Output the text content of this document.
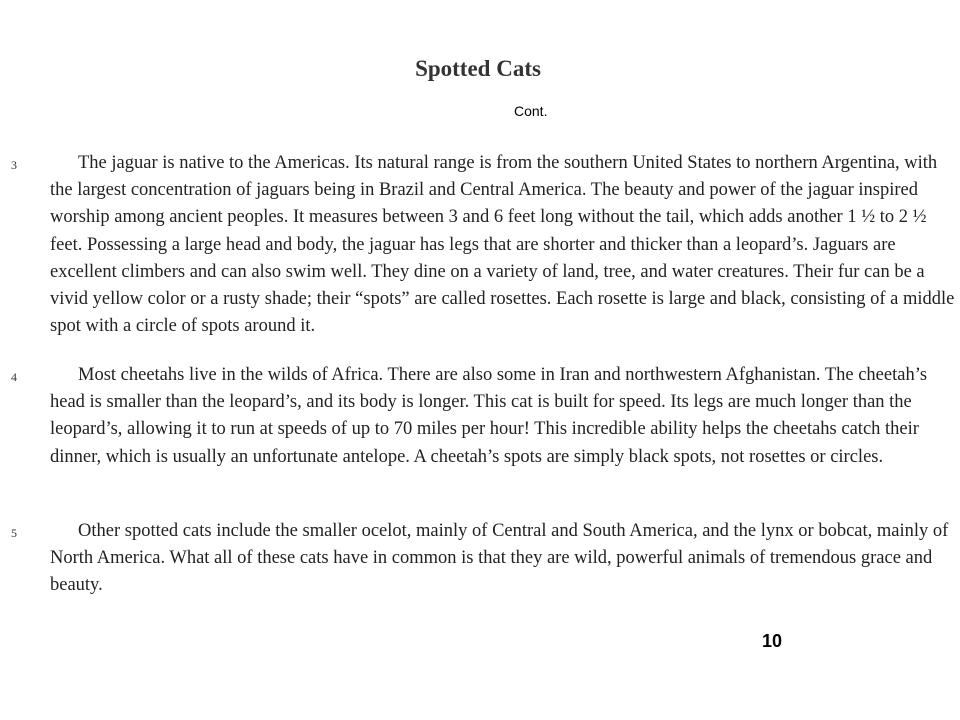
Spotted Cats
Cont.
3	The jaguar is native to the Americas. Its natural range is from the southern United States to northern Argentina, with the largest concentration of jaguars being in Brazil and Central America. The beauty and power of the jaguar inspired worship among ancient peoples. It measures between 3 and 6 feet long without the tail, which adds another 1 ½ to 2 ½ feet. Possessing a large head and body, the jaguar has legs that are shorter and thicker than a leopard’s. Jaguars are excellent climbers and can also swim well. They dine on a variety of land, tree, and water creatures. Their fur can be a vivid yellow color or a rusty shade; their “spots” are called rosettes. Each rosette is large and black, consisting of a middle spot with a circle of spots around it.

4	Most cheetahs live in the wilds of Africa. There are also some in Iran and northwestern Afghanistan. The cheetah’s head is smaller than the leopard’s, and its body is longer. This cat is built for speed. Its legs are much longer than the leopard’s, allowing it to run at speeds of up to 70 miles per hour! This incredible ability helps the cheetahs catch their dinner, which is usually an unfortunate antelope. A cheetah’s spots are simply black spots, not rosettes or circles.

5	Other spotted cats include the smaller ocelot, mainly of Central and South America, and the lynx or bobcat, mainly of North America. What all of these cats have in common is that they are wild, powerful animals of tremendous grace and beauty.

10
